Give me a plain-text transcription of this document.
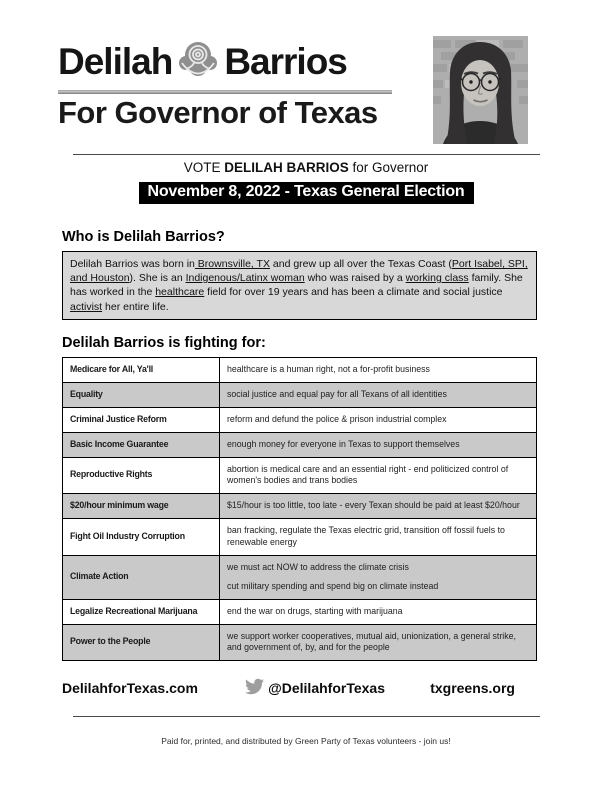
Delilah Barrios
For Governor of Texas
VOTE DELILAH BARRIOS for Governor
November 8, 2022 - Texas General Election
Who is Delilah Barrios?

Delilah Barrios was born in Brownsville, TX and grew up all over the Texas Coast (Port Isabel, SPI, and Houston). She is an Indigenous/Latinx woman who was raised by a working class family. She has worked in the healthcare field for over 19 years and has been a climate and social justice activist her entire life.

Delilah Barrios is fighting for:
Medicare for All, Ya'll	healthcare is a human right, not a for-profit business

Equality	social justice and equal pay for all Texans of all identities

Criminal Justice Reform	reform and defund the police & prison industrial complex

Basic Income Guarantee	enough money for everyone in Texas to support themselves

Reproductive Rights	abortion is medical care and an essential right - end politicized control of women's bodies and trans bodies

$20/hour minimum wage	$15/hour is too little, too late - every Texan should be paid at least $20/hour

Fight Oil Industry Corruption	ban fracking, regulate the Texas electric grid, transition off fossil fuels to renewable energy

Climate Action	we must act NOW to address the climate crisis
cut military spending and spend big on climate instead

Legalize Recreational Marijuana	end the war on drugs, starting with marijuana

Power to the People	we support worker cooperatives, mutual aid, unionization, a general strike, and government of, by, and for the people
DelilahforTexas.com	@DelilahforTexas	txgreens.org
Paid for, printed, and distributed by Green Party of Texas volunteers - join us!
